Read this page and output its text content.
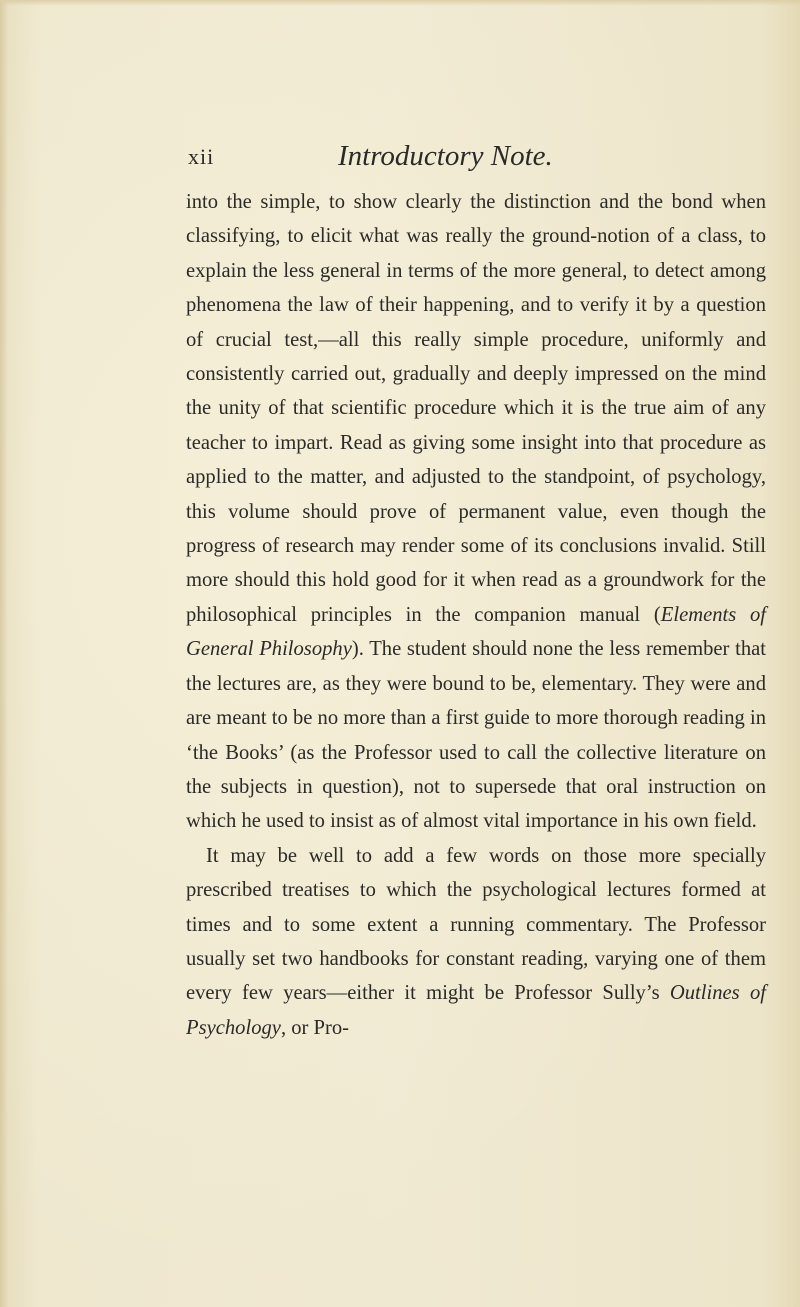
xii	Introductory Note.

into the simple, to show clearly the distinction and the bond when classifying, to elicit what was really the ground-notion of a class, to explain the less general in terms of the more general, to detect among phenomena the law of their happening, and to verify it by a question of crucial test,—all this really simple procedure, uniformly and consistently carried out, gradually and deeply impressed on the mind the unity of that scientific procedure which it is the true aim of any teacher to impart. Read as giving some insight into that procedure as applied to the matter, and adjusted to the standpoint, of psychology, this volume should prove of permanent value, even though the progress of research may render some of its conclusions invalid. Still more should this hold good for it when read as a groundwork for the philosophical principles in the companion manual (Elements of General Philosophy). The student should none the less remember that the lectures are, as they were bound to be, elementary. They were and are meant to be no more than a first guide to more thorough reading in ‘the Books’ (as the Professor used to call the collective literature on the subjects in question), not to supersede that oral instruction on which he used to insist as of almost vital importance in his own field.

It may be well to add a few words on those more specially prescribed treatises to which the psychological lectures formed at times and to some extent a running commentary. The Professor usually set two handbooks for constant reading, varying one of them every few years—either it might be Professor Sully’s Outlines of Psychology, or Pro-
